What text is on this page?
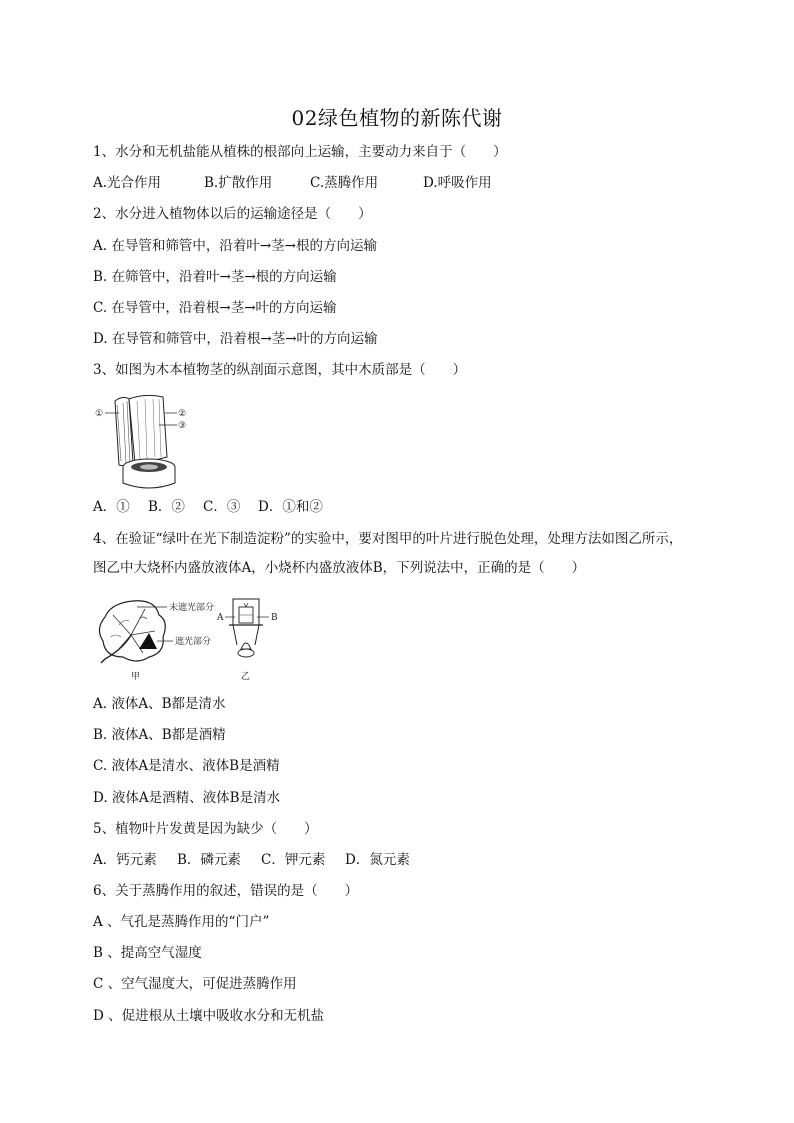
02绿色植物的新陈代谢
1、水分和无机盐能从植株的根部向上运输，主要动力来自于（　　）
A.光合作用	B.扩散作用	C.蒸腾作用	D.呼吸作用
2、水分进入植物体以后的运输途径是（　　）
A. 在导管和筛管中，沿着叶→茎→根的方向运输
B. 在筛管中，沿着叶→茎→根的方向运输
C. 在导管中，沿着根→茎→叶的方向运输
D. 在导管和筛管中，沿着根→茎→叶的方向运输
3、如图为木本植物茎的纵剖面示意图，其中木质部是（　　）
①	②
③
A．① B．② C．③ D．①和②
4、在验证“绿叶在光下制造淀粉”的实验中，要对图甲的叶片进行脱色处理，处理方法如图乙所示，
图乙中大烧杯内盛放液体A，小烧杯内盛放液体B，下列说法中，正确的是（　　）
未遮光部分
遮光部分
甲
A	B
乙
A. 液体A、B都是清水
B. 液体A、B都是酒精
C. 液体A是清水、液体B是酒精
D. 液体A是酒精、液体B是清水
5、植物叶片发黄是因为缺少（　　）
A．钙元素 B．磷元素 C．钾元素 D．氮元素
6、关于蒸腾作用的叙述，错误的是（　　）
A 、气孔是蒸腾作用的“门户”
B 、提高空气湿度
C 、空气湿度大，可促进蒸腾作用
D 、促进根从土壤中吸收水分和无机盐
